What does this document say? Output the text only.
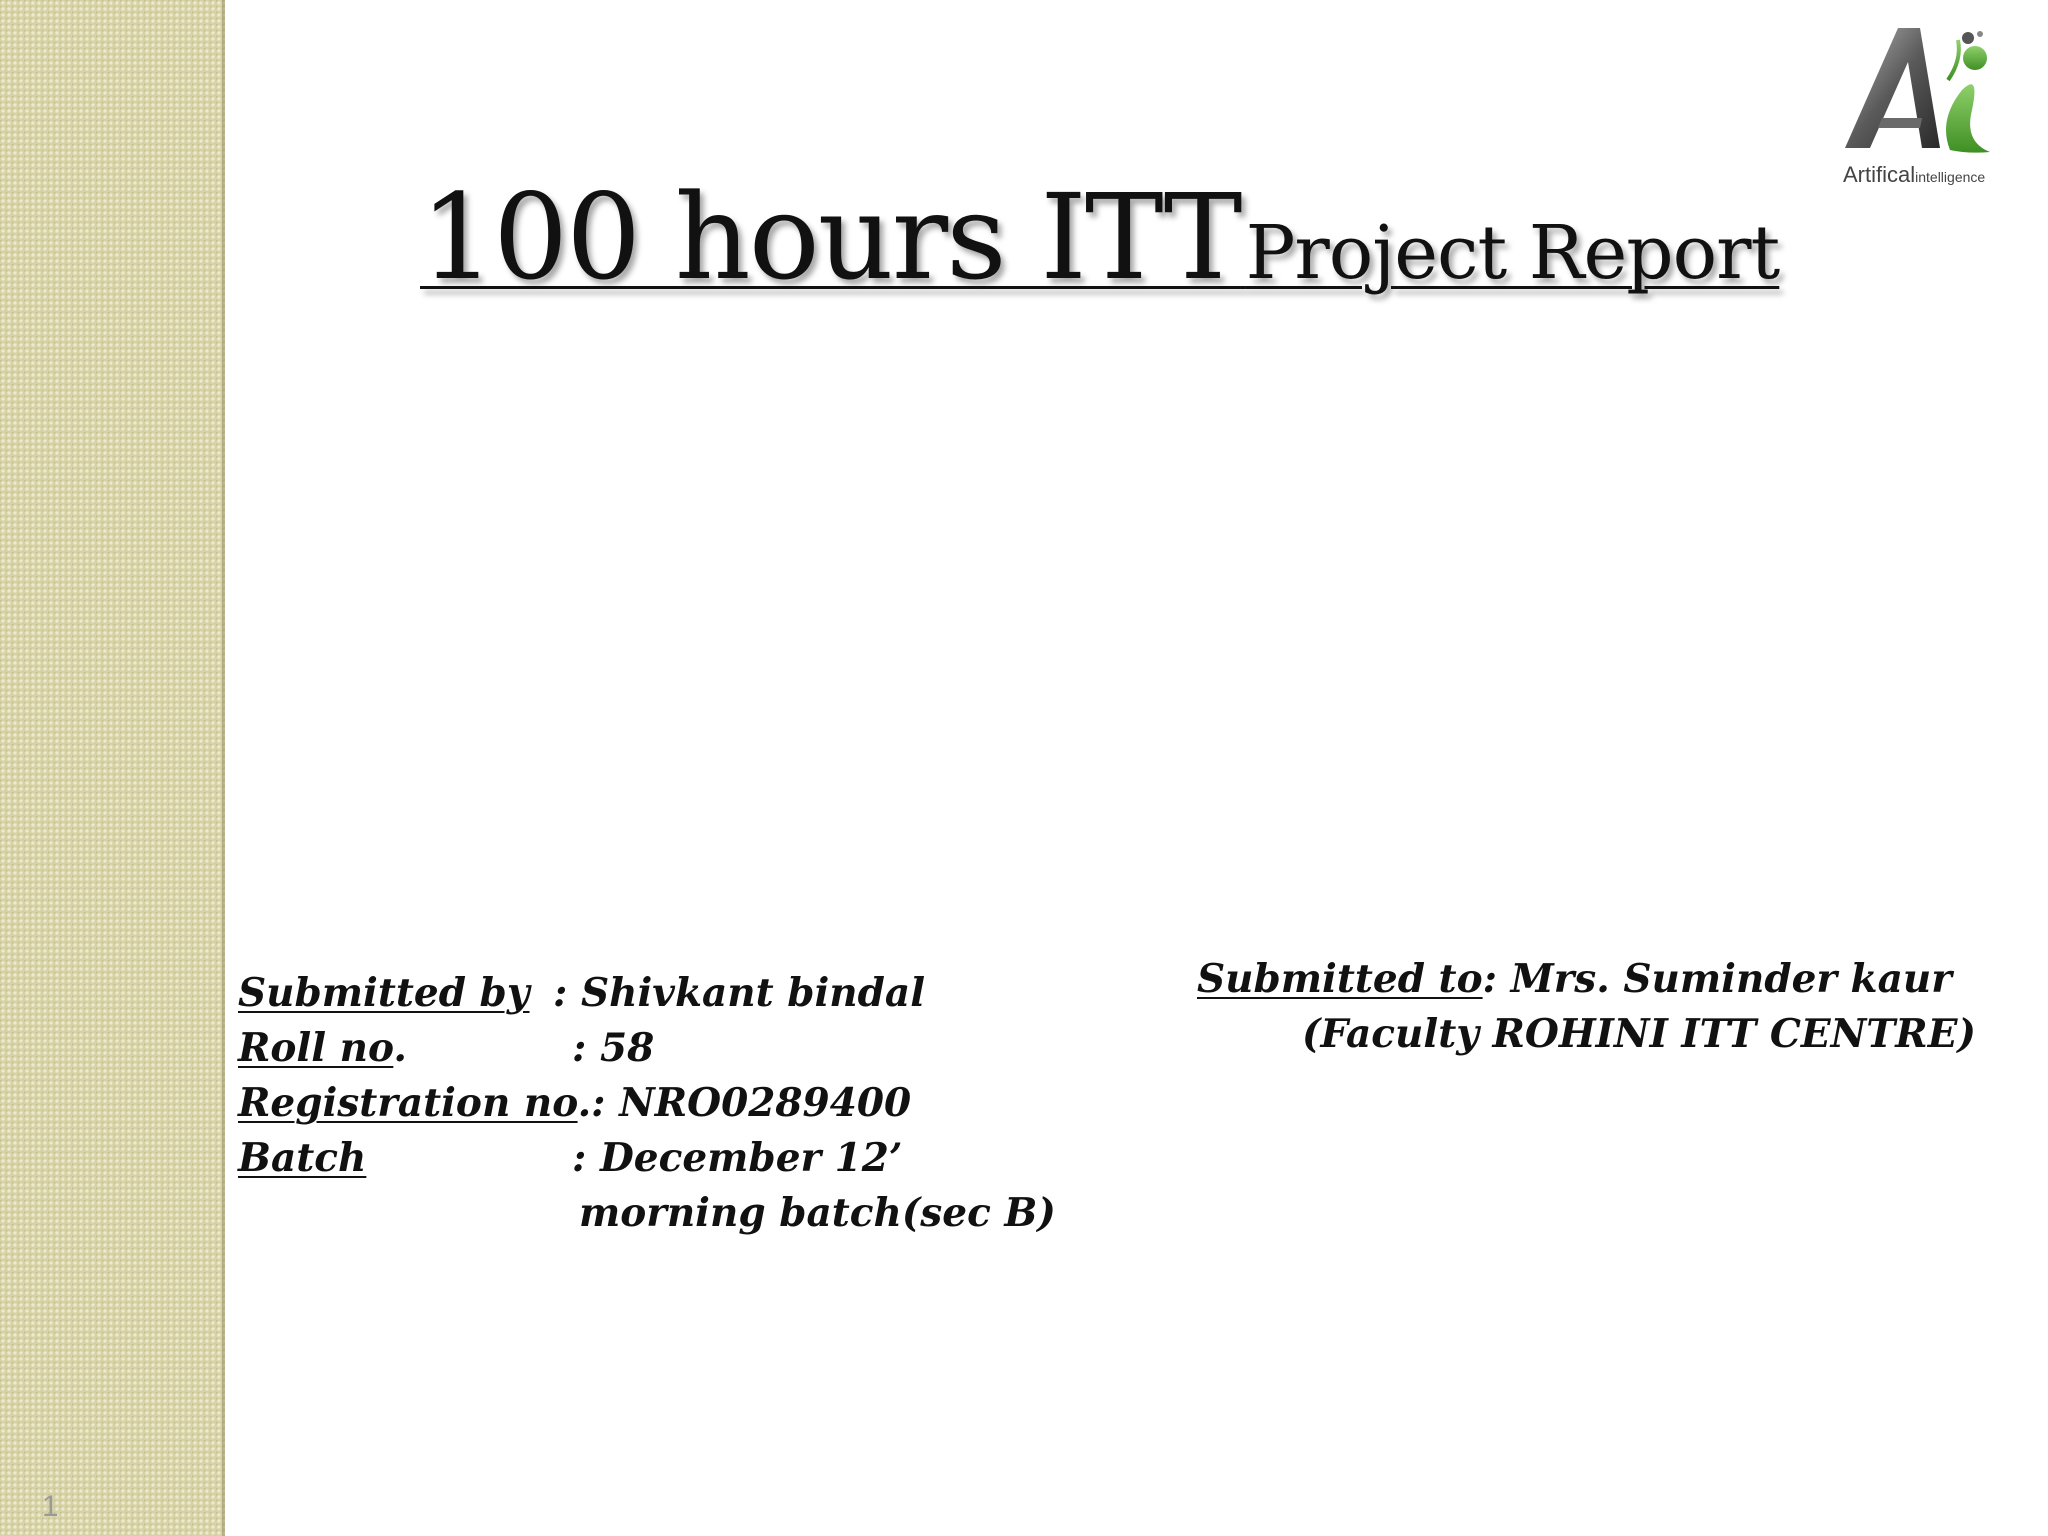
1
100 hours ITT Project Report
Artificalintelligence
Submitted by : Shivkant bindal
Roll no.	: 58
Registration no.: NRO0289400
Batch	: December 12’
morning batch(sec B)
Submitted to: Mrs. Suminder kaur
(Faculty ROHINI ITT CENTRE)
